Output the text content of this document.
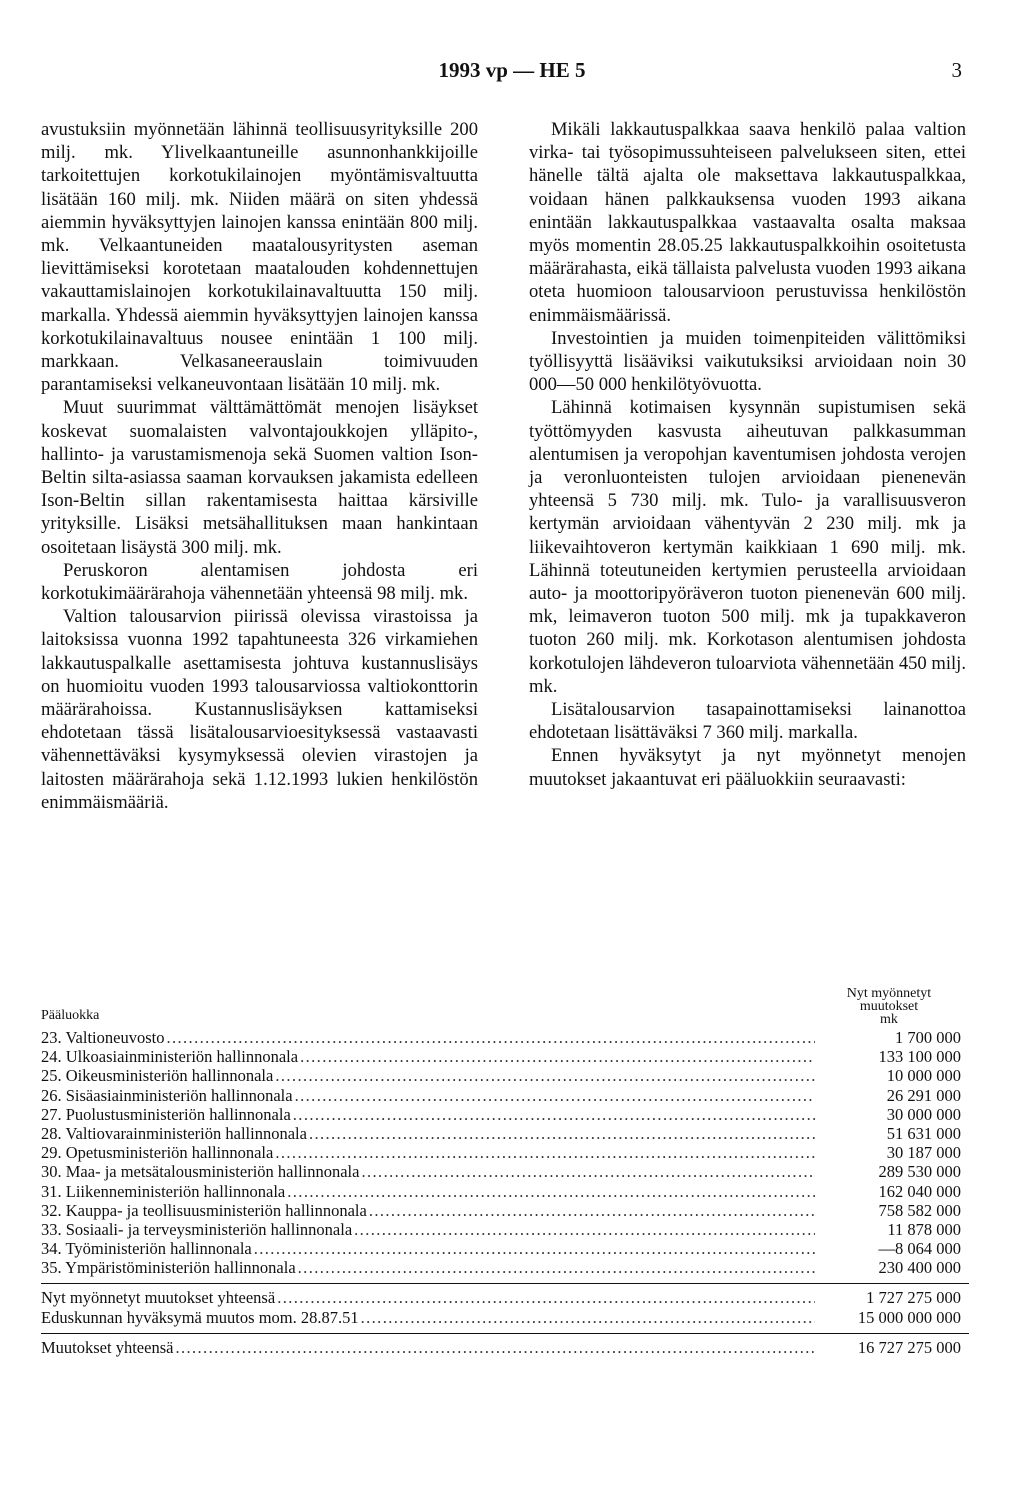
1993 vp — HE 5	3

avustuksiin myönnetään lähinnä teollisuusyrityksille 200 milj. mk. Ylivelkaantuneille asunnonhankkijoille tarkoitettujen korkotukilainojen myöntämisvaltuutta lisätään 160 milj. mk. Niiden määrä on siten yhdessä aiemmin hyväksyttyjen lainojen kanssa enintään 800 milj. mk. Velkaantuneiden maatalousyritysten aseman lievittämiseksi korotetaan maatalouden kohdennettujen vakauttamislainojen korkotukilainavaltuutta 150 milj. markalla. Yhdessä aiemmin hyväksyttyjen lainojen kanssa korkotukilainavaltuus nousee enintään 1 100 milj. markkaan. Velkasaneerauslain toimivuuden parantamiseksi velkaneuvontaan lisätään 10 milj. mk.

Muut suurimmat välttämättömät menojen lisäykset koskevat suomalaisten valvontajoukkojen ylläpito-, hallinto- ja varustamismenoja sekä Suomen valtion Ison-Beltin silta-asiassa saaman korvauksen jakamista edelleen Ison-Beltin sillan rakentamisesta haittaa kärsiville yrityksille. Lisäksi metsähallituksen maan hankintaan osoitetaan lisäystä 300 milj. mk.

Peruskoron alentamisen johdosta eri korkotukimäärärahoja vähennetään yhteensä 98 milj. mk.

Valtion talousarvion piirissä olevissa virastoissa ja laitoksissa vuonna 1992 tapahtuneesta 326 virkamiehen lakkautuspalkalle asettamisesta johtuva kustannuslisäys on huomioitu vuoden 1993 talousarviossa valtiokonttorin määrärahoissa. Kustannuslisäyksen kattamiseksi ehdotetaan tässä lisätalousarvioesityksessä vastaavasti vähennettäväksi kysymyksessä olevien virastojen ja laitosten määrärahoja sekä 1.12.1993 lukien henkilöstön enimmäismääriä.

Mikäli lakkautuspalkkaa saava henkilö palaa valtion virka- tai työsopimussuhteiseen palvelukseen siten, ettei hänelle tältä ajalta ole maksettava lakkautuspalkkaa, voidaan hänen palkkauksensa vuoden 1993 aikana enintään lakkautuspalkkaa vastaavalta osalta maksaa myös momentin 28.05.25 lakkautuspalkkoihin osoitetusta määrärahasta, eikä tällaista palvelusta vuoden 1993 aikana oteta huomioon talousarvioon perustuvissa henkilöstön enimmäismäärissä.

Investointien ja muiden toimenpiteiden välittömiksi työllisyyttä lisääviksi vaikutuksiksi arvioidaan noin 30 000—50 000 henkilötyövuotta.

Lähinnä kotimaisen kysynnän supistumisen sekä työttömyyden kasvusta aiheutuvan palkkasumman alentumisen ja veropohjan kaventumisen johdosta verojen ja veronluonteisten tulojen arvioidaan pienenevän yhteensä 5 730 milj. mk. Tulo- ja varallisuusveron kertymän arvioidaan vähentyvän 2 230 milj. mk ja liikevaihtoveron kertymän kaikkiaan 1 690 milj. mk. Lähinnä toteutuneiden kertymien perusteella arvioidaan auto- ja moottoripyöräveron tuoton pienenevän 600 milj. mk, leimaveron tuoton 500 milj. mk ja tupakkaveron tuoton 260 milj. mk. Korkotason alentumisen johdosta korkotulojen lähdeveron tuloarviota vähennetään 450 milj. mk.

Lisätalousarvion tasapainottamiseksi lainanottoa ehdotetaan lisättäväksi 7 360 milj. markalla.

Ennen hyväksytyt ja nyt myönnetyt menojen muutokset jakaantuvat eri pääluokkiin seuraavasti:

Pääluokka
Nyt myönnetyt
muutokset
mk
23. Valtioneuvosto .....	1 700 000
24. Ulkoasiainministeriön hallinnonala .....	133 100 000
25. Oikeusministeriön hallinnonala .....	10 000 000
26. Sisäasiainministeriön hallinnonala .....	26 291 000
27. Puolustusministeriön hallinnonala .....	30 000 000
28. Valtiovarainministeriön hallinnonala .....	51 631 000
29. Opetusministeriön hallinnonala .....	30 187 000
30. Maa- ja metsätalousministeriön hallinnonala .....	289 530 000
31. Liikenneministeriön hallinnonala .....	162 040 000
32. Kauppa- ja teollisuusministeriön hallinnonala .....	758 582 000
33. Sosiaali- ja terveysministeriön hallinnonala .....	11 878 000
34. Työministeriön hallinnonala .....	—8 064 000
35. Ympäristöministeriön hallinnonala .....	230 400 000
Nyt myönnetyt muutokset yhteensä .....	1 727 275 000
Eduskunnan hyväksymä muutos mom. 28.87.51 .....	15 000 000 000
Muutokset yhteensä .....	16 727 275 000
